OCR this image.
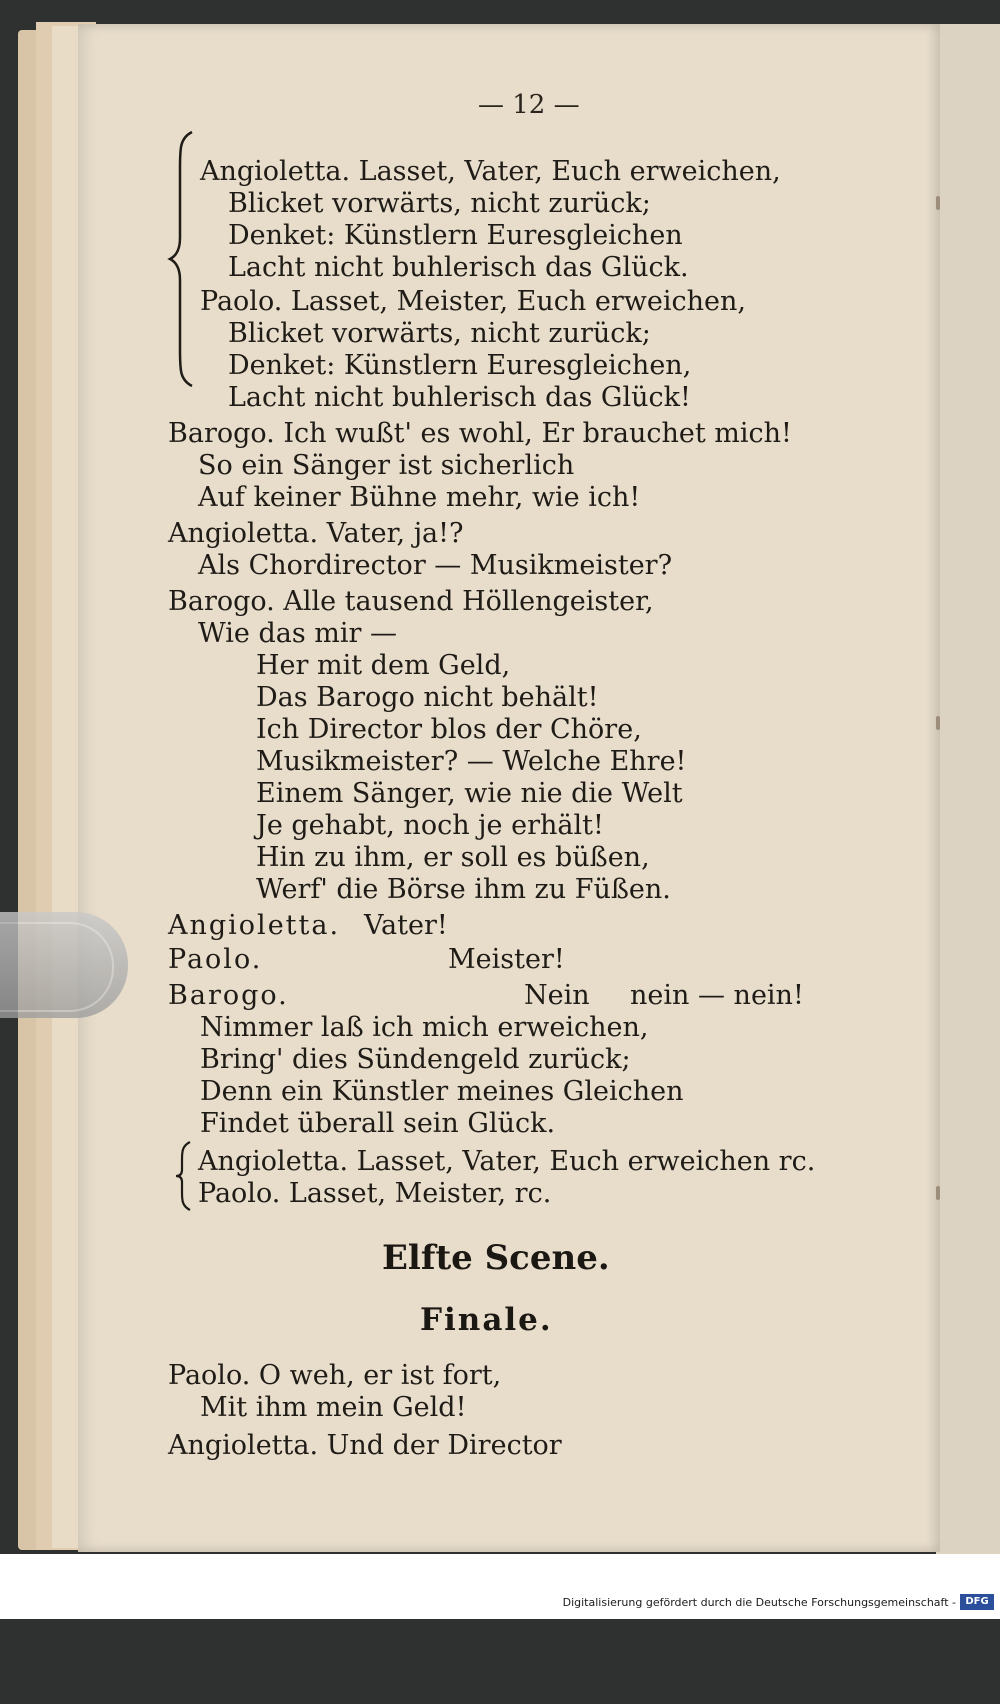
— 12 —
Angioletta. Lasset, Vater, Euch erweichen,
Blicket vorwärts, nicht zurück;
Denket: Künstlern Euresgleichen
Lacht nicht buhlerisch das Glück.
Paolo. Lasset, Meister, Euch erweichen,
Blicket vorwärts, nicht zurück;
Denket: Künstlern Euresgleichen,
Lacht nicht buhlerisch das Glück!
Barogo. Ich wußt' es wohl, Er brauchet mich!
So ein Sänger ist sicherlich
Auf keiner Bühne mehr, wie ich!
Angioletta. Vater, ja!?
Als Chordirector — Musikmeister?
Barogo. Alle tausend Höllengeister,
Wie das mir —
Her mit dem Geld,
Das Barogo nicht behält!
Ich Director blos der Chöre,
Musikmeister? — Welche Ehre!
Einem Sänger, wie nie die Welt
Je gehabt, noch je erhält!
Hin zu ihm, er soll es büßen,
Werf' die Börse ihm zu Füßen.
Angioletta. Vater!
Paolo.	Meister!
Barogo.	Nein nein — nein!
Nimmer laß ich mich erweichen,
Bring' dies Sündengeld zurück;
Denn ein Künstler meines Gleichen
Findet überall sein Glück.
Angioletta. Lasset, Vater, Euch erweichen rc.
Paolo. Lasset, Meister, rc.
Elfte Scene.
Finale.
Paolo. O weh, er ist fort,
Mit ihm mein Geld!
Angioletta. Und der Director
Digitalisierung gefördert durch die Deutsche Forschungsgemeinschaft - DFG
